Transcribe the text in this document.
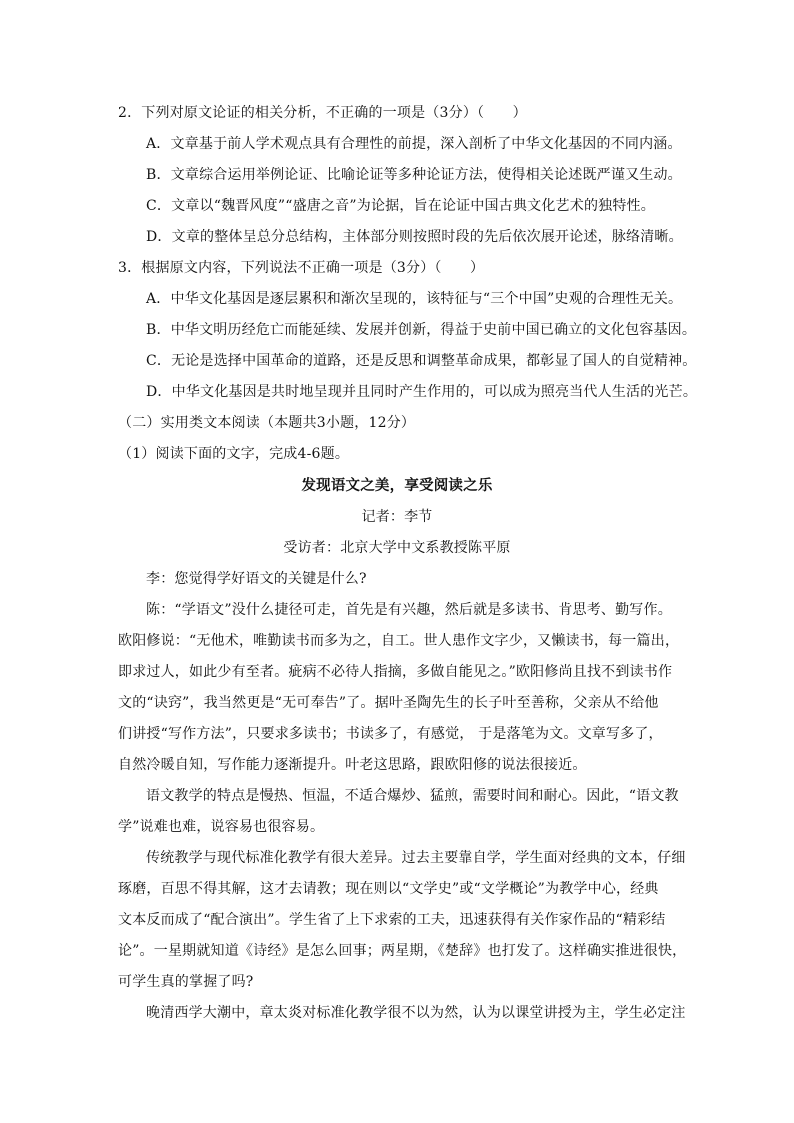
2．下列对原文论证的相关分析，不正确的一项是（3分）（　　）
A．文章基于前人学术观点具有合理性的前提，深入剖析了中华文化基因的不同内涵。
B．文章综合运用举例论证、比喻论证等多种论证方法，使得相关论述既严谨又生动。
C．文章以“魏晋风度”“盛唐之音”为论据，旨在论证中国古典文化艺术的独特性。
D．文章的整体呈总分总结构，主体部分则按照时段的先后依次展开论述，脉络清晰。
3．根据原文内容，下列说法不正确一项是（3分）（　　）
A．中华文化基因是逐层累积和渐次呈现的，该特征与“三个中国”史观的合理性无关。
B．中华文明历经危亡而能延续、发展并创新，得益于史前中国已确立的文化包容基因。
C．无论是选择中国革命的道路，还是反思和调整革命成果，都彰显了国人的自觉精神。
D．中华文化基因是共时地呈现并且同时产生作用的，可以成为照亮当代人生活的光芒。
（二）实用类文本阅读（本题共3小题，12分）
（1）阅读下面的文字，完成4-6题。
发现语文之美，享受阅读之乐
记者：李节
受访者：北京大学中文系教授陈平原
李：您觉得学好语文的关键是什么?
陈：“学语文”没什么捷径可走，首先是有兴趣，然后就是多读书、肯思考、勤写作。
欧阳修说：“无他术，唯勤读书而多为之，自工。世人患作文字少，又懒读书，每一篇出，
即求过人，如此少有至者。疵病不必待人指摘，多做自能见之。”欧阳修尚且找不到读书作
文的“诀窍”，我当然更是“无可奉告”了。据叶圣陶先生的长子叶至善称，父亲从不给他
们讲授“写作方法”，只要求多读书；书读多了，有感觉， 于是落笔为文。文章写多了，
自然冷暖自知，写作能力逐渐提升。叶老这思路，跟欧阳修的说法很接近。
语文教学的特点是慢热、恒温，不适合爆炒、猛煎，需要时间和耐心。因此，“语文教
学”说难也难，说容易也很容易。
传统教学与现代标准化教学有很大差异。过去主要靠自学，学生面对经典的文本，仔细
琢磨，百思不得其解，这才去请教；现在则以“文学史”或“文学概论”为教学中心，经典
文本反而成了“配合演出”。学生省了上下求索的工夫，迅速获得有关作家作品的“精彩结
论”。一星期就知道《诗经》是怎么回事；两星期，《楚辞》也打发了。这样确实推进很快，
可学生真的掌握了吗?
晚清西学大潮中，章太炎对标准化教学很不以为然，认为以课堂讲授为主，学生必定注
